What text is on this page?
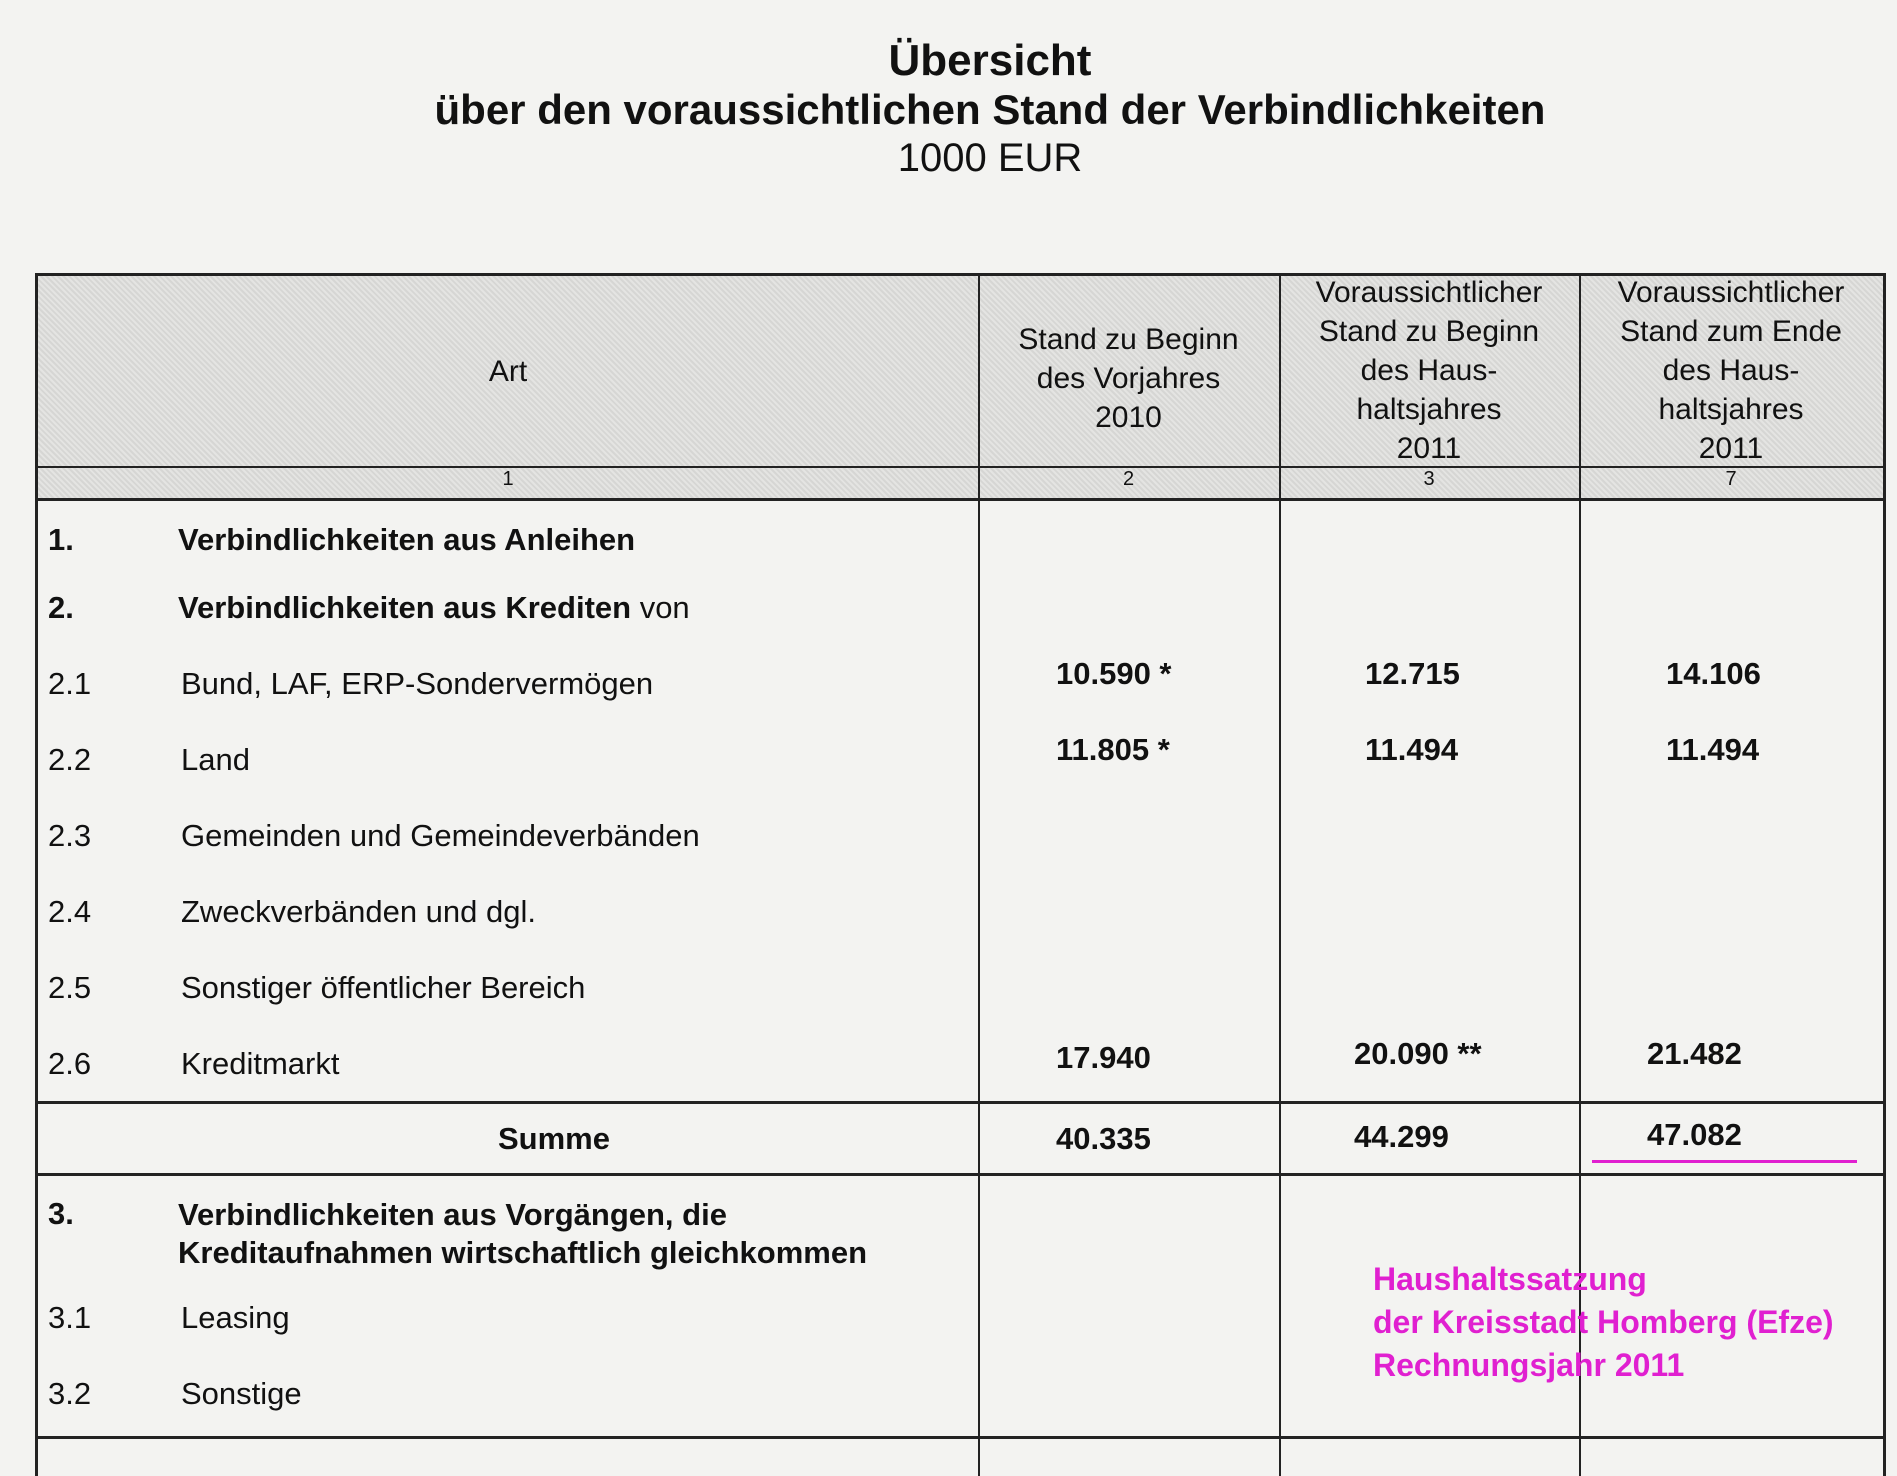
Übersicht
über den voraussichtlichen Stand der Verbindlichkeiten
1000 EUR
Art
Stand zu Beginn
des Vorjahres
2010
Voraussichtlicher
Stand zu Beginn
des Haus-
haltsjahres
2011
Voraussichtlicher
Stand zum Ende
des Haus-
haltsjahres
2011
1	2	3	7
1.	Verbindlichkeiten aus Anleihen
2.	Verbindlichkeiten aus Krediten von
2.1	Bund, LAF, ERP-Sondervermögen	10.590 *	12.715	14.106
2.2	Land	11.805 *	11.494	11.494
2.3	Gemeinden und Gemeindeverbänden
2.4	Zweckverbänden und dgl.
2.5	Sonstiger öffentlicher Bereich
2.6	Kreditmarkt	17.940	20.090 **	21.482
Summe	40.335	44.299	47.082
3.	Verbindlichkeiten aus Vorgängen, die
Kreditaufnahmen wirtschaftlich gleichkommen
3.1	Leasing
3.2	Sonstige
Haushaltssatzung
der Kreisstadt Homberg (Efze)
Rechnungsjahr 2011
